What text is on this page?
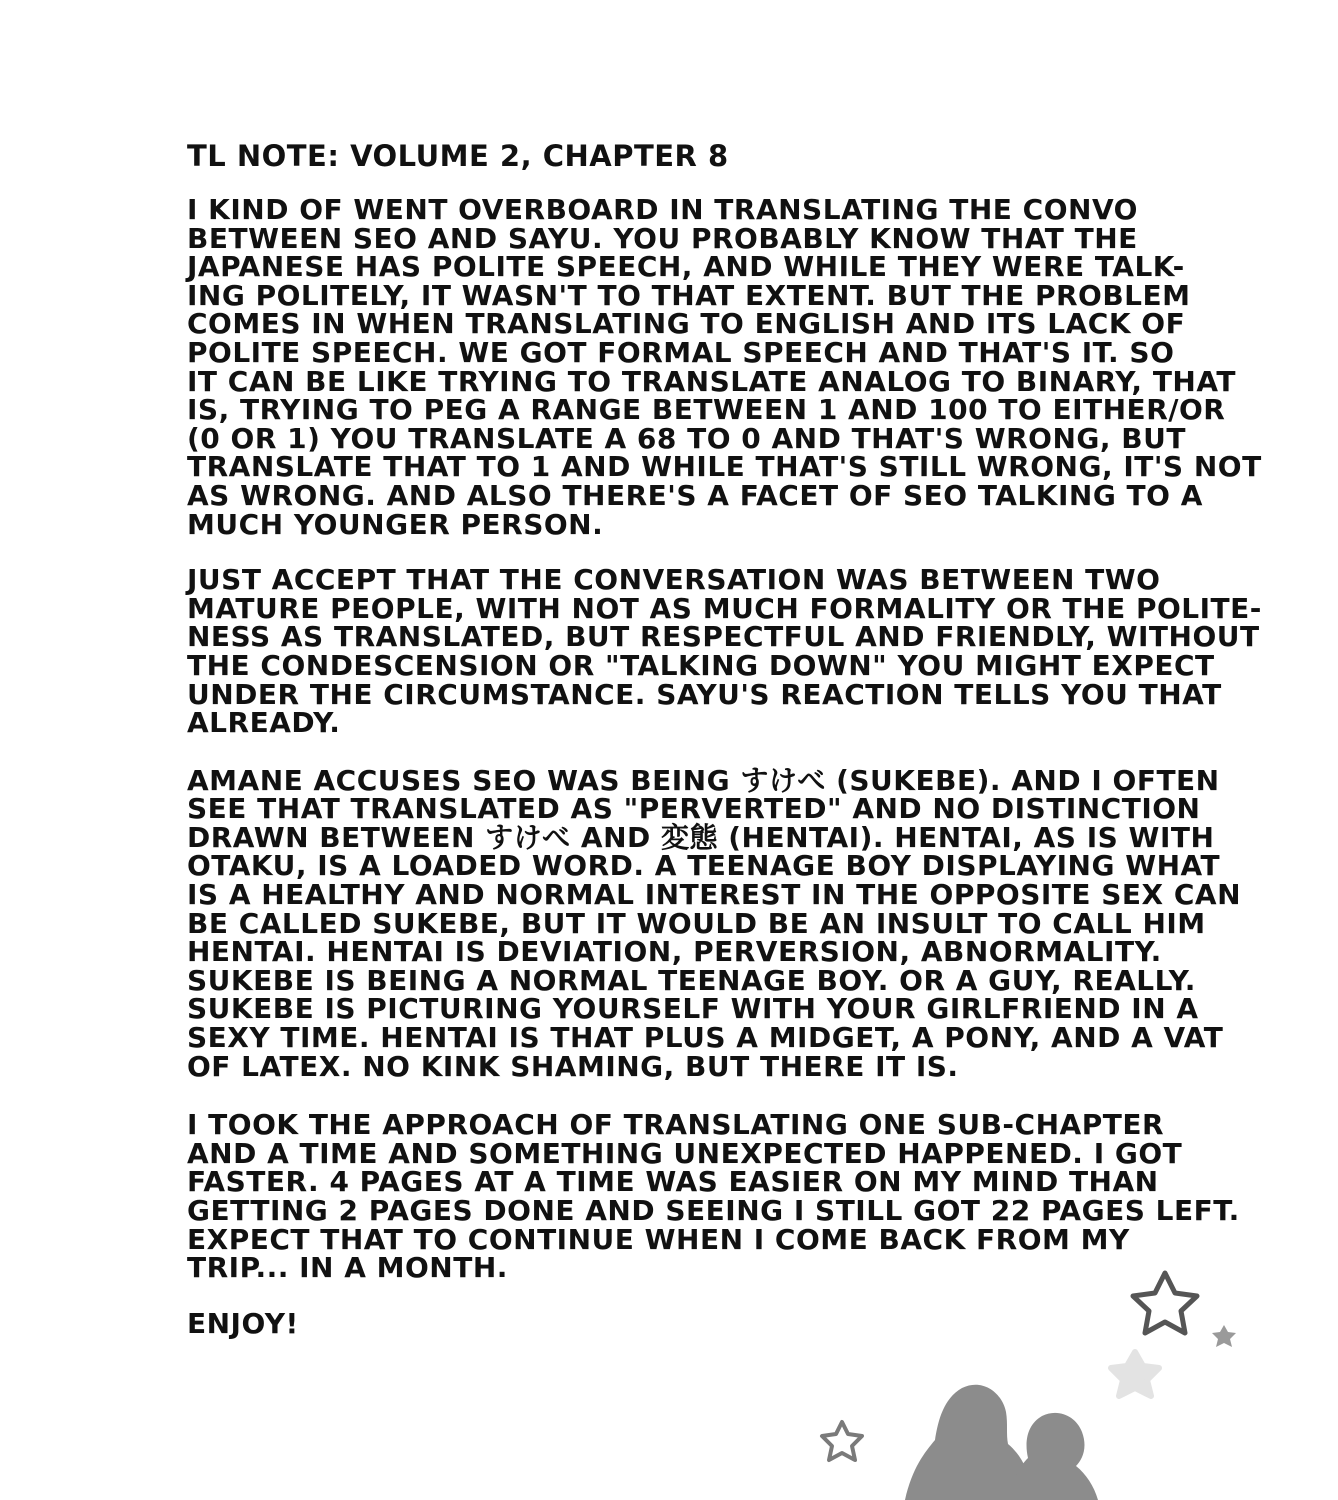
TL NOTE: VOLUME 2, CHAPTER 8
I KIND OF WENT OVERBOARD IN TRANSLATING THE CONVO
BETWEEN SEO AND SAYU. YOU PROBABLY KNOW THAT THE
JAPANESE HAS POLITE SPEECH, AND WHILE THEY WERE TALK-
ING POLITELY, IT WASN'T TO THAT EXTENT. BUT THE PROBLEM
COMES IN WHEN TRANSLATING TO ENGLISH AND ITS LACK OF
POLITE SPEECH. WE GOT FORMAL SPEECH AND THAT'S IT. SO
IT CAN BE LIKE TRYING TO TRANSLATE ANALOG TO BINARY, THAT
IS, TRYING TO PEG A RANGE BETWEEN 1 AND 100 TO EITHER/OR
(0 OR 1) YOU TRANSLATE A 68 TO 0 AND THAT'S WRONG, BUT
TRANSLATE THAT TO 1 AND WHILE THAT'S STILL WRONG, IT'S NOT
AS WRONG. AND ALSO THERE'S A FACET OF SEO TALKING TO A
MUCH YOUNGER PERSON.
JUST ACCEPT THAT THE CONVERSATION WAS BETWEEN TWO
MATURE PEOPLE, WITH NOT AS MUCH FORMALITY OR THE POLITE-
NESS AS TRANSLATED, BUT RESPECTFUL AND FRIENDLY, WITHOUT
THE CONDESCENSION OR "TALKING DOWN" YOU MIGHT EXPECT
UNDER THE CIRCUMSTANCE. SAYU'S REACTION TELLS YOU THAT
ALREADY.
AMANE ACCUSES SEO WAS BEING すけべ (SUKEBE). AND I OFTEN
SEE THAT TRANSLATED AS "PERVERTED" AND NO DISTINCTION
DRAWN BETWEEN すけべ AND 変態 (HENTAI). HENTAI, AS IS WITH
OTAKU, IS A LOADED WORD. A TEENAGE BOY DISPLAYING WHAT
IS A HEALTHY AND NORMAL INTEREST IN THE OPPOSITE SEX CAN
BE CALLED SUKEBE, BUT IT WOULD BE AN INSULT TO CALL HIM
HENTAI. HENTAI IS DEVIATION, PERVERSION, ABNORMALITY.
SUKEBE IS BEING A NORMAL TEENAGE BOY. OR A GUY, REALLY.
SUKEBE IS PICTURING YOURSELF WITH YOUR GIRLFRIEND IN A
SEXY TIME. HENTAI IS THAT PLUS A MIDGET, A PONY, AND A VAT
OF LATEX. NO KINK SHAMING, BUT THERE IT IS.
I TOOK THE APPROACH OF TRANSLATING ONE SUB-CHAPTER
AND A TIME AND SOMETHING UNEXPECTED HAPPENED. I GOT
FASTER. 4 PAGES AT A TIME WAS EASIER ON MY MIND THAN
GETTING 2 PAGES DONE AND SEEING I STILL GOT 22 PAGES LEFT.
EXPECT THAT TO CONTINUE WHEN I COME BACK FROM MY
TRIP... IN A MONTH.
ENJOY!
